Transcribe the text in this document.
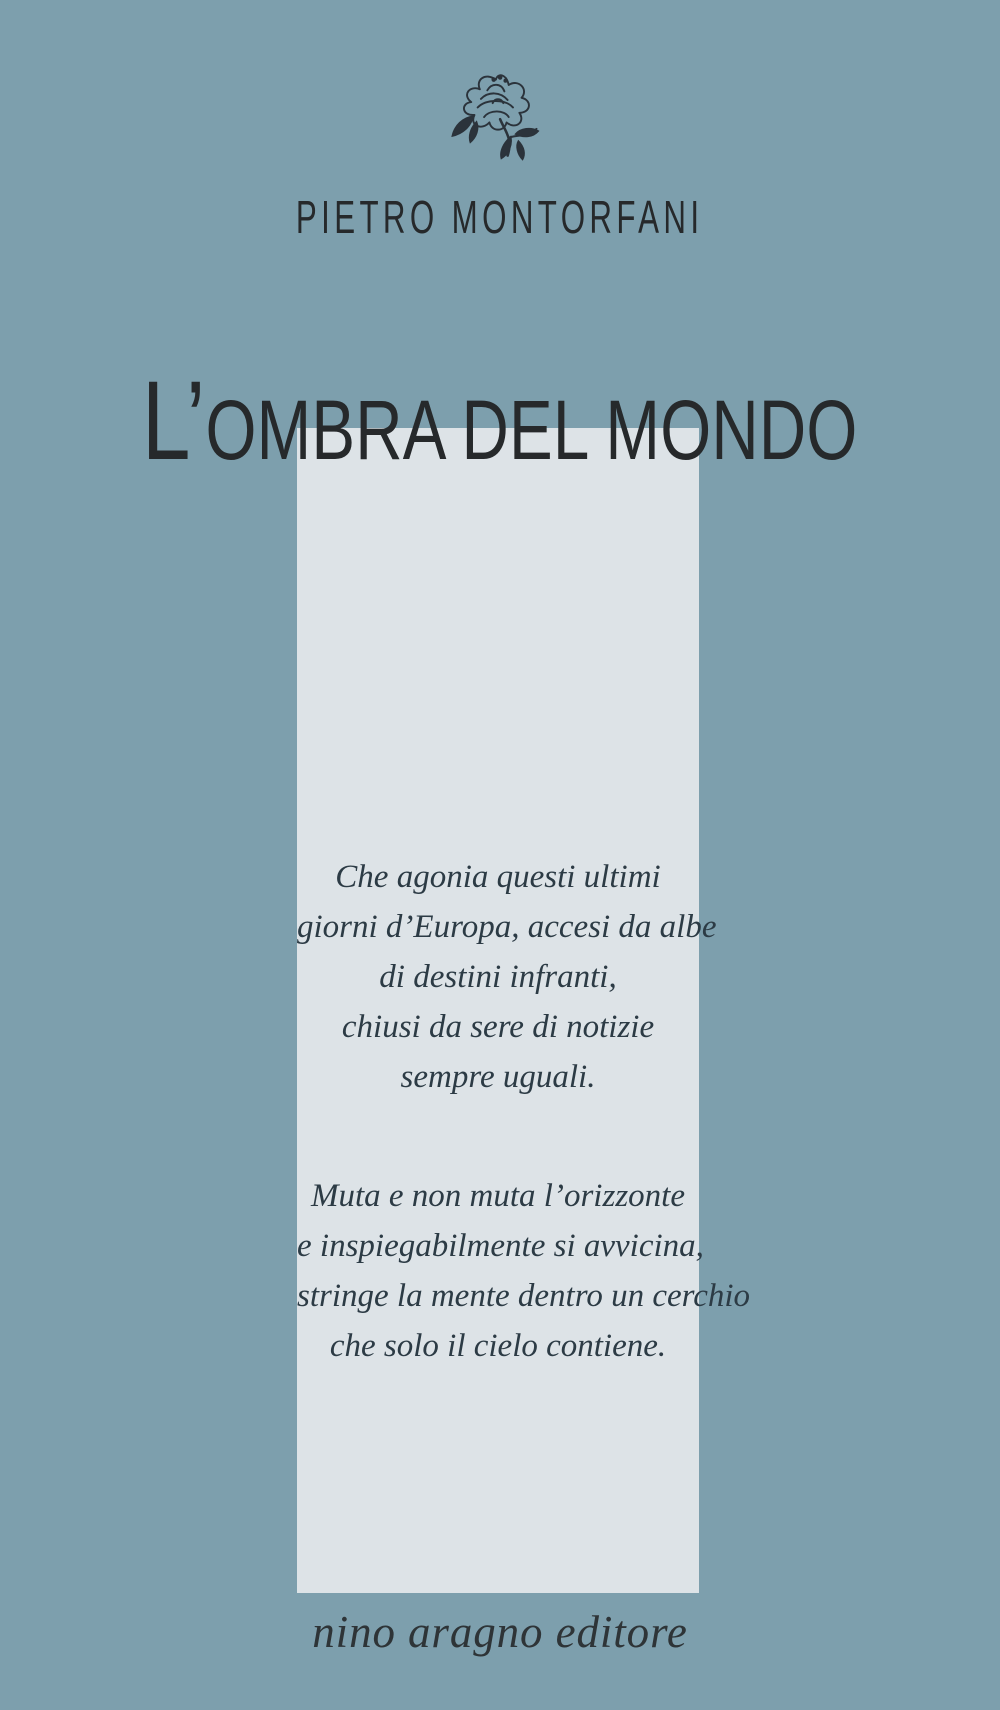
PIETRO MONTORFANI
L’OMBRA DEL MONDO
Che agonia questi ultimi
giorni d’Europa, accesi da albe
di destini infranti,
chiusi da sere di notizie
sempre uguali.
Muta e non muta l’orizzonte
e inspiegabilmente si avvicina,
stringe la mente dentro un cerchio
che solo il cielo contiene.
nino aragno editore
